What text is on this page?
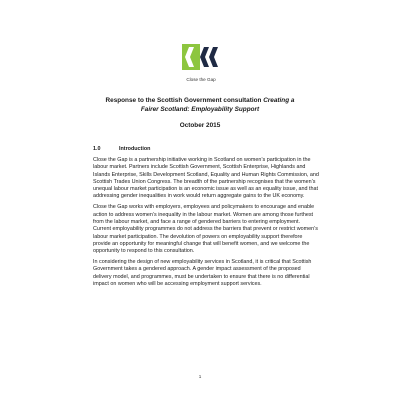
Close the Gap
Response to the Scottish Government consultation Creating a
Fairer Scotland: Employability Support
October 2015
1.0	Introduction

Close the Gap is a partnership initiative working in Scotland on women’s participation in the labour market. Partners include Scottish Government, Scottish Enterprise, Highlands and Islands Enterprise, Skills Development Scotland, Equality and Human Rights Commission, and Scottish Trades Union Congress. The breadth of the partnership recognises that the women’s unequal labour market participation is an economic issue as well as an equality issue, and that addressing gender inequalities in work would return aggregate gains to the UK economy.

Close the Gap works with employers, employees and policymakers to encourage and enable action to address women’s inequality in the labour market. Women are among those furthest from the labour market, and face a range of gendered barriers to entering employment. Current employability programmes do not address the barriers that prevent or restrict women’s labour market participation. The devolution of powers on employability support therefore provide an opportunity for meaningful change that will benefit women, and we welcome the opportunity to respond to this consultation.

In considering the design of new employability services in Scotland, it is critical that Scottish Government takes a gendered approach. A gender impact assessment of the proposed delivery model, and programmes, must be undertaken to ensure that there is no differential impact on women who will be accessing employment support services.

1
